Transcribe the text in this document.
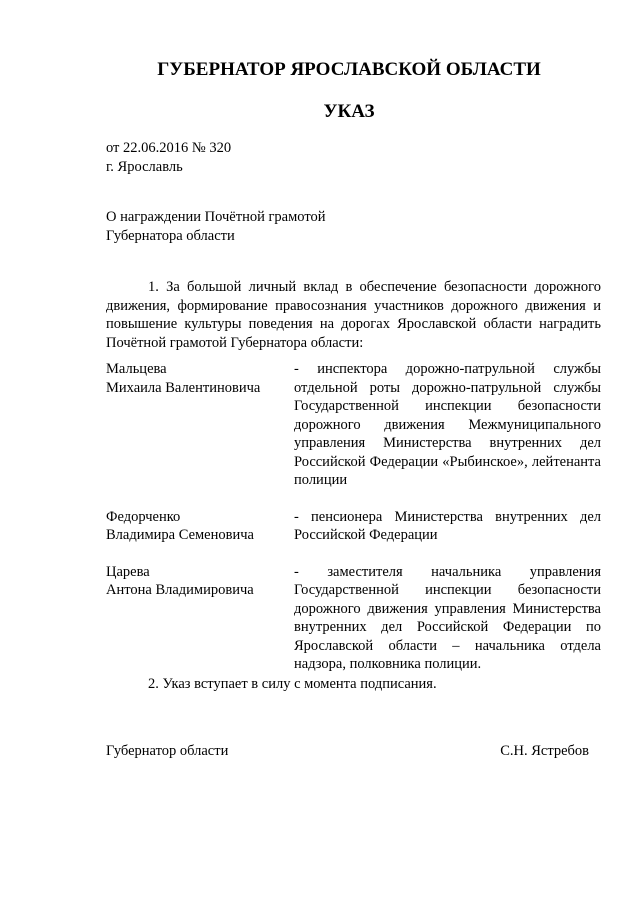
ГУБЕРНАТОР ЯРОСЛАВСКОЙ ОБЛАСТИ
УКАЗ
от 22.06.2016 № 320
г. Ярославль
О награждении Почётной грамотой
Губернатора области
1. За большой личный вклад в обеспечение безопасности дорожного движения, формирование правосознания участников дорожного движения и повышение культуры поведения на дорогах Ярославской области наградить Почётной грамотой Губернатора области:
Мальцева
Михаила Валентиновича
- инспектора дорожно-патрульной службы отдельной роты дорожно-патрульной службы Государственной инспекции безопасности дорожного движения Межмуниципального управления Министерства внутренних дел Российской Федерации «Рыбинское», лейтенанта полиции
Федорченко
Владимира Семеновича
- пенсионера Министерства внутренних дел Российской Федерации
Царева
Антона Владимировича
- заместителя начальника управления Государственной инспекции безопасности дорожного движения управления Министерства внутренних дел Российской Федерации по Ярославской области – начальника отдела надзора, полковника полиции.
2. Указ вступает в силу с момента подписания.
Губернатор области	С.Н. Ястребов
